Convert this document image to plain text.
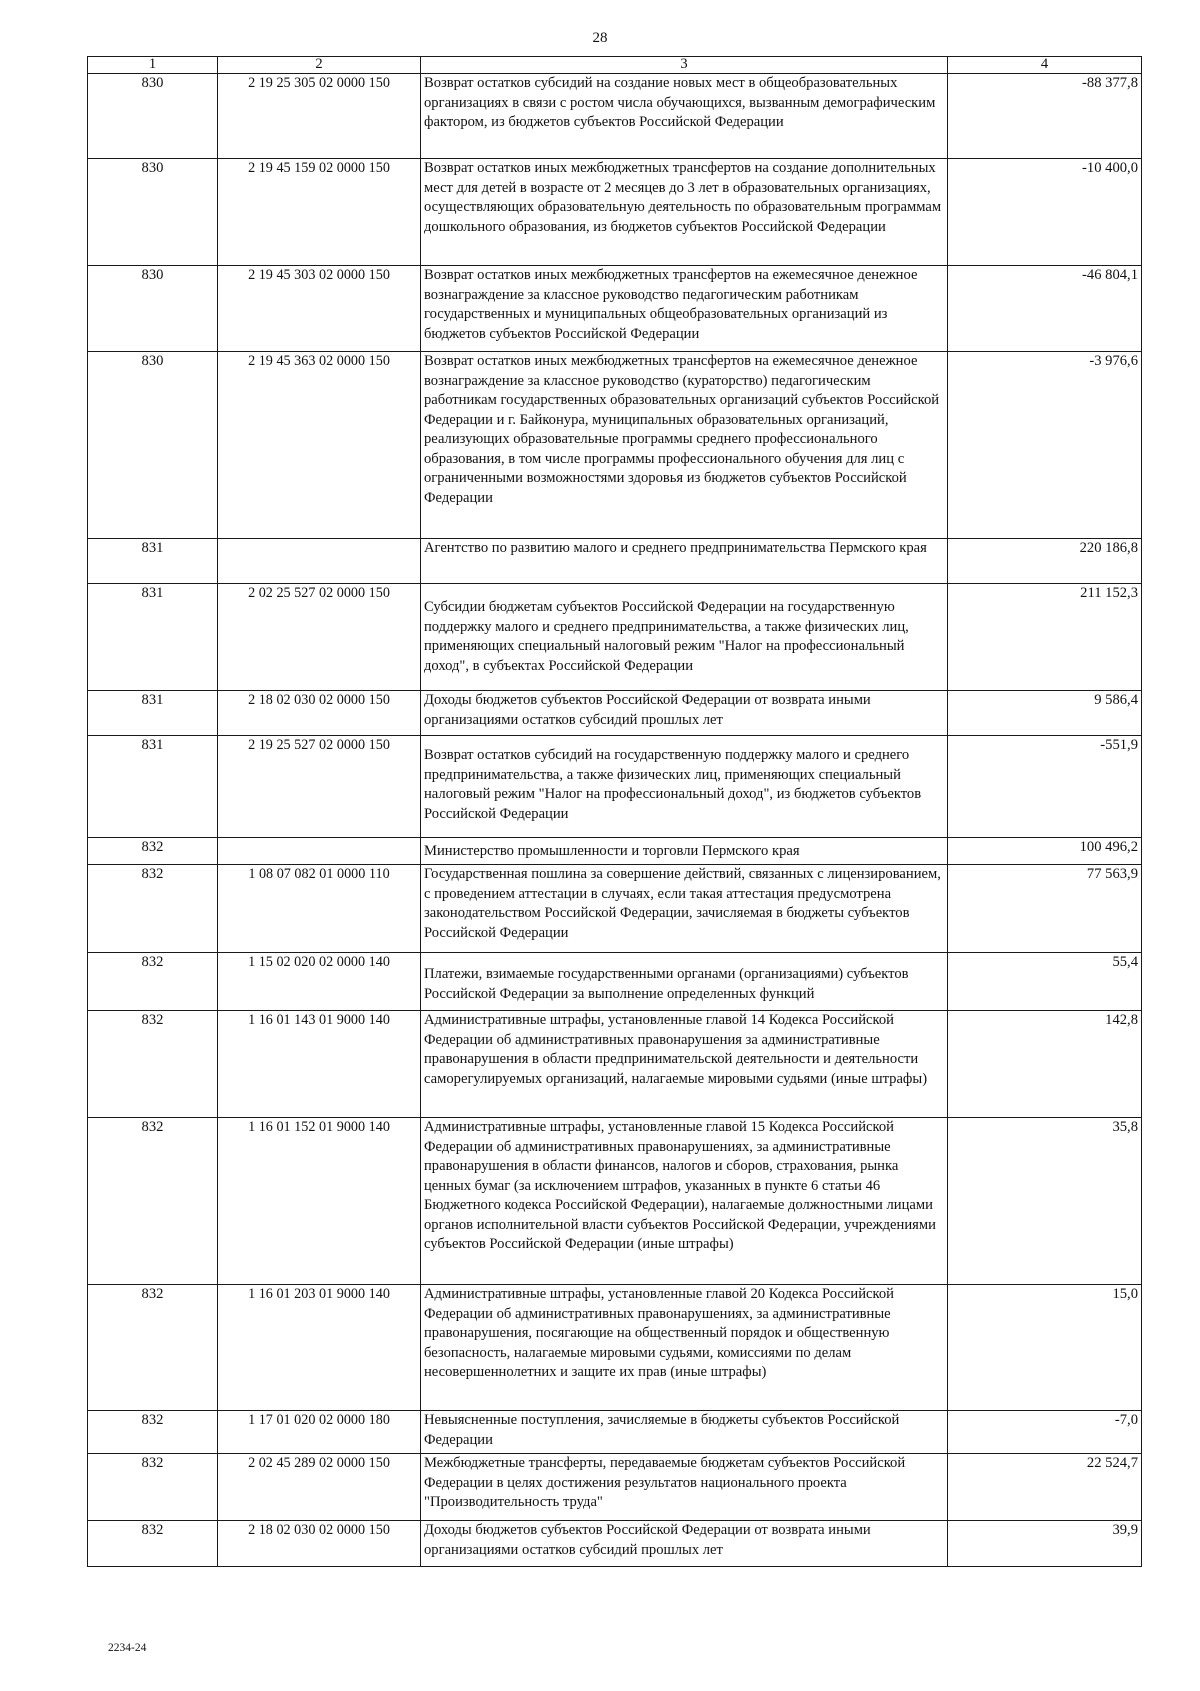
28
1	2	3	4
830	2 19 25 305 02 0000 150	Возврат остатков субсидий на создание новых мест в общеобразовательных организациях в связи с ростом числа обучающихся, вызванным демографическим фактором, из бюджетов субъектов Российской Федерации	-88 377,8
830	2 19 45 159 02 0000 150	Возврат остатков иных межбюджетных трансфертов на создание дополнительных мест для детей в возрасте от 2 месяцев до 3 лет в образовательных организациях, осуществляющих образовательную деятельность по образовательным программам дошкольного образования, из бюджетов субъектов Российской Федерации	-10 400,0
830	2 19 45 303 02 0000 150	Возврат остатков иных межбюджетных трансфертов на ежемесячное денежное вознаграждение за классное руководство педагогическим работникам государственных и муниципальных общеобразовательных организаций из бюджетов субъектов Российской Федерации	-46 804,1
830	2 19 45 363 02 0000 150	Возврат остатков иных межбюджетных трансфертов на ежемесячное денежное вознаграждение за классное руководство (кураторство) педагогическим работникам государственных образовательных организаций субъектов Российской Федерации и г. Байконура, муниципальных образовательных организаций, реализующих образовательные программы среднего профессионального образования, в том числе программы профессионального обучения для лиц с ограниченными возможностями здоровья из бюджетов субъектов Российской Федерации	-3 976,6
831		Агентство по развитию малого и среднего предпринимательства Пермского края	220 186,8
831	2 02 25 527 02 0000 150	Субсидии бюджетам субъектов Российской Федерации на государственную поддержку малого и среднего предпринимательства, а также физических лиц, применяющих специальный налоговый режим "Налог на профессиональный доход", в субъектах Российской Федерации	211 152,3
831	2 18 02 030 02 0000 150	Доходы бюджетов субъектов Российской Федерации от возврата иными организациями остатков субсидий прошлых лет	9 586,4
831	2 19 25 527 02 0000 150	Возврат остатков субсидий на государственную поддержку малого и среднего предпринимательства, а также физических лиц, применяющих специальный налоговый режим "Налог на профессиональный доход", из бюджетов субъектов Российской Федерации	-551,9
832		Министерство промышленности и торговли Пермского края	100 496,2
832	1 08 07 082 01 0000 110	Государственная пошлина за совершение действий, связанных с лицензированием, с проведением аттестации в случаях, если такая аттестация предусмотрена законодательством Российской Федерации, зачисляемая в бюджеты субъектов Российской Федерации	77 563,9
832	1 15 02 020 02 0000 140	Платежи, взимаемые государственными органами (организациями) субъектов Российской Федерации за выполнение определенных функций	55,4
832	1 16 01 143 01 9000 140	Административные штрафы, установленные главой 14 Кодекса Российской Федерации об административных правонарушения за административные правонарушения в области предпринимательской деятельности и деятельности саморегулируемых организаций, налагаемые мировыми судьями (иные штрафы)	142,8
832	1 16 01 152 01 9000 140	Административные штрафы, установленные главой 15 Кодекса Российской Федерации об административных правонарушениях, за административные правонарушения в области финансов, налогов и сборов, страхования, рынка ценных бумаг (за исключением штрафов, указанных в пункте 6 статьи 46 Бюджетного кодекса Российской Федерации), налагаемые должностными лицами органов исполнительной власти субъектов Российской Федерации, учреждениями субъектов Российской Федерации (иные штрафы)	35,8
832	1 16 01 203 01 9000 140	Административные штрафы, установленные главой 20 Кодекса Российской Федерации об административных правонарушениях, за административные правонарушения, посягающие на общественный порядок и общественную безопасность, налагаемые мировыми судьями, комиссиями по делам несовершеннолетних и защите их прав (иные штрафы)	15,0
832	1 17 01 020 02 0000 180	Невыясненные поступления, зачисляемые в бюджеты субъектов Российской Федерации	-7,0
832	2 02 45 289 02 0000 150	Межбюджетные трансферты, передаваемые бюджетам субъектов Российской Федерации в целях достижения результатов национального проекта "Производительность труда"	22 524,7
832	2 18 02 030 02 0000 150	Доходы бюджетов субъектов Российской Федерации от возврата иными организациями остатков субсидий прошлых лет	39,9
2234-24
